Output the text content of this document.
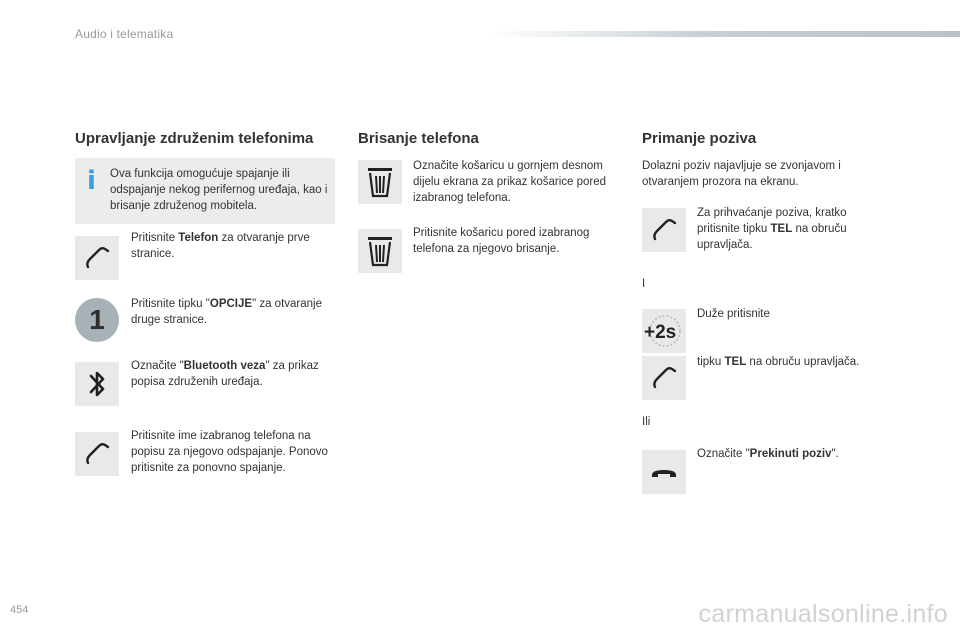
Audio i telematika
Upravljanje združenim telefonima
i Ova funkcija omogućuje spajanje ili odspajanje nekog perifernog uređaja, kao i brisanje združenog mobitela.
Pritisnite Telefon za otvaranje prve stranice.
1	Pritisnite tipku "OPCIJE" za otvaranje druge stranice.
Označite "Bluetooth veza" za prikaz popisa združenih uređaja.
Pritisnite ime izabranog telefona na popisu za njegovo odspajanje. Ponovo pritisnite za ponovno spajanje.
Brisanje telefona
Označite košaricu u gornjem desnom dijelu ekrana za prikaz košarice pored izabranog telefona.
Pritisnite košaricu pored izabranog telefona za njegovo brisanje.
Primanje poziva
Dolazni poziv najavljuje se zvonjavom i otvaranjem prozora na ekranu.
Za prihvaćanje poziva, kratko pritisnite tipku TEL na obruču upravljača.
I
+2s
Duže pritisnite
tipku TEL na obruču upravljača.
Ili
Označite "Prekinuti poziv".
454	carmanualsonline.info
